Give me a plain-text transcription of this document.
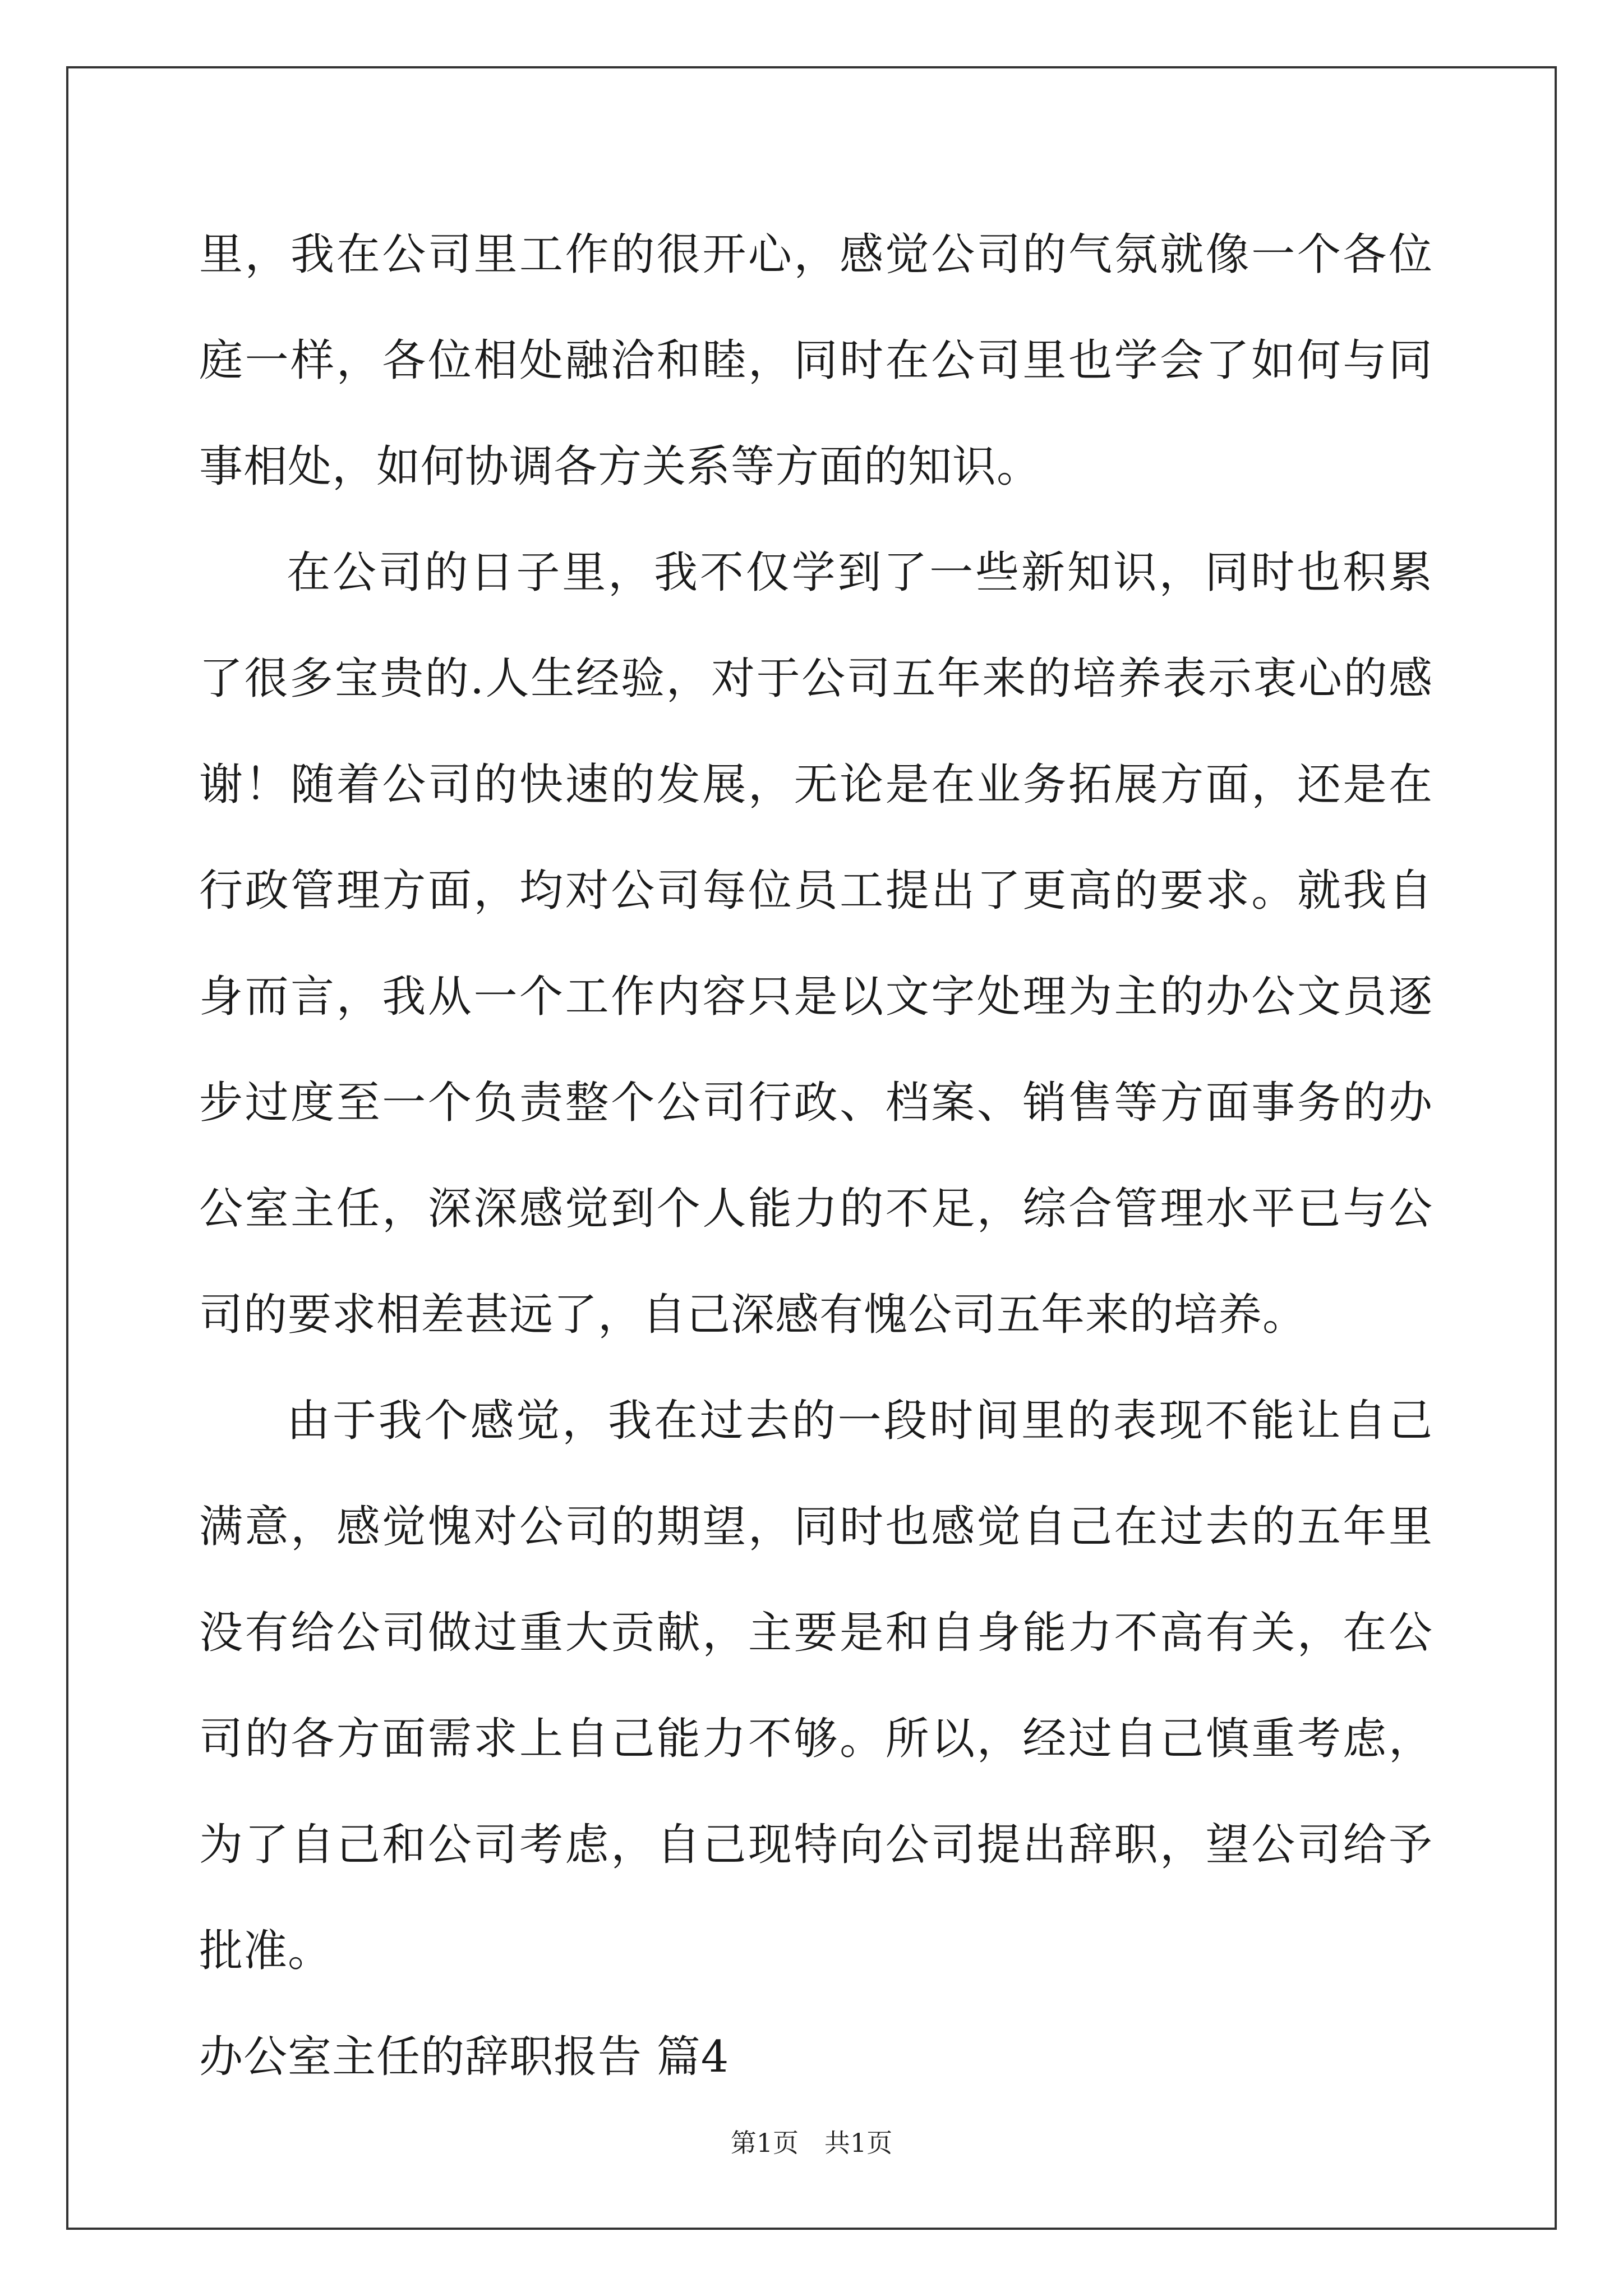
里，我在公司里工作的很开心，感觉公司的气氛就像一个各位庭一样，各位相处融洽和睦，同时在公司里也学会了如何与同事相处，如何协调各方关系等方面的知识。

在公司的日子里，我不仅学到了一些新知识，同时也积累了很多宝贵的.人生经验，对于公司五年来的培养表示衷心的感谢！随着公司的快速的发展，无论是在业务拓展方面，还是在行政管理方面，均对公司每位员工提出了更高的要求。就我自身而言，我从一个工作内容只是以文字处理为主的办公文员逐步过度至一个负责整个公司行政、档案、销售等方面事务的办公室主任，深深感觉到个人能力的不足，综合管理水平已与公司的要求相差甚远了，自己深感有愧公司五年来的培养。

由于我个感觉，我在过去的一段时间里的表现不能让自己满意，感觉愧对公司的期望，同时也感觉自己在过去的五年里没有给公司做过重大贡献，主要是和自身能力不高有关，在公司的各方面需求上自己能力不够。所以，经过自己慎重考虑，为了自己和公司考虑，自己现特向公司提出辞职，望公司给予批准。

办公室主任的辞职报告 篇4

第1页　共1页
